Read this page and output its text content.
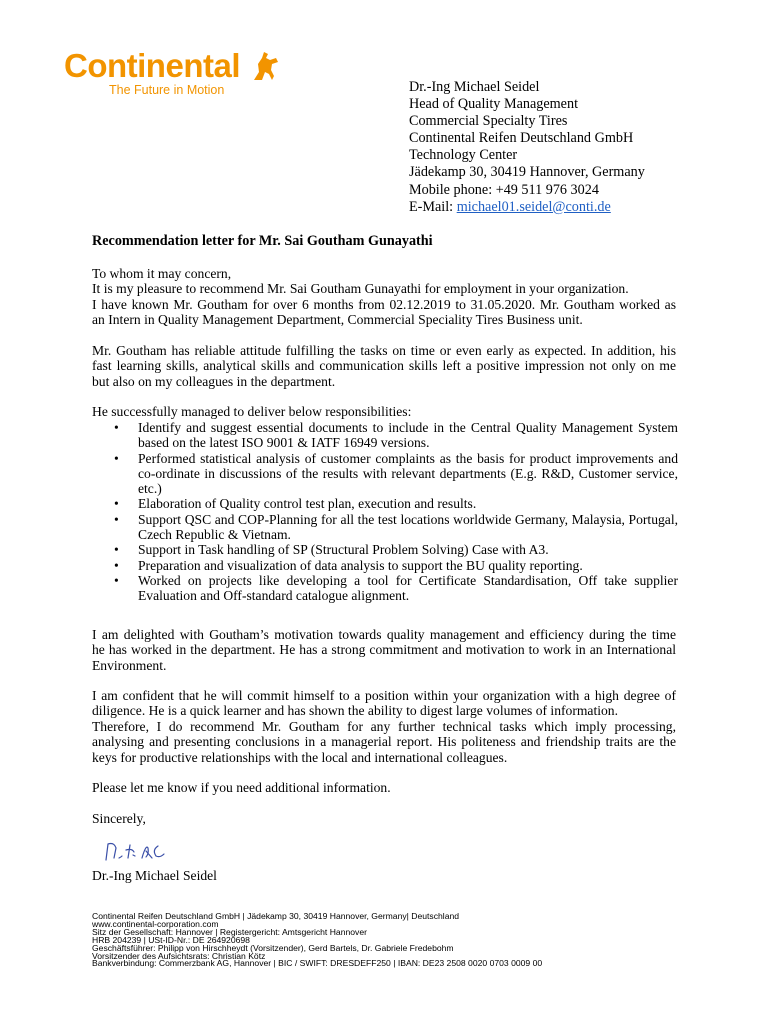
Continental
The Future in Motion	Dr.-Ing Michael Seidel
Head of Quality Management
Commercial Specialty Tires
Continental Reifen Deutschland GmbH
Technology Center
Jädekamp 30, 30419 Hannover, Germany
Mobile phone: +49 511 976 3024
E-Mail: michael01.seidel@conti.de
Recommendation letter for Mr. Sai Goutham Gunayathi
To whom it may concern,
It is my pleasure to recommend Mr. Sai Goutham Gunayathi for employment in your organization.
I have known Mr. Goutham for over 6 months from 02.12.2019 to 31.05.2020. Mr. Goutham worked as
an Intern in Quality Management Department, Commercial Speciality Tires Business unit.
Mr. Goutham has reliable attitude fulfilling the tasks on time or even early as expected. In addition, his
fast learning skills, analytical skills and communication skills left a positive impression not only on me
but also on my colleagues in the department.
He successfully managed to deliver below responsibilities:
• Identify and suggest essential documents to include in the Central Quality Management System based on the latest ISO 9001 & IATF 16949 versions.
• Performed statistical analysis of customer complaints as the basis for product improvements and co-ordinate in discussions of the results with relevant departments (E.g. R&D, Customer service, etc.)
• Elaboration of Quality control test plan, execution and results.
• Support QSC and COP-Planning for all the test locations worldwide Germany, Malaysia, Portugal, Czech Republic & Vietnam.
• Support in Task handling of SP (Structural Problem Solving) Case with A3.
• Preparation and visualization of data analysis to support the BU quality reporting.
• Worked on projects like developing a tool for Certificate Standardisation, Off take supplier Evaluation and Off-standard catalogue alignment.
I am delighted with Goutham’s motivation towards quality management and efficiency during the time
he has worked in the department. He has a strong commitment and motivation to work in an International
Environment.
I am confident that he will commit himself to a position within your organization with a high degree of
diligence. He is a quick learner and has shown the ability to digest large volumes of information.
Therefore, I do recommend Mr. Goutham for any further technical tasks which imply processing,
analysing and presenting conclusions in a managerial report. His politeness and friendship traits are the
keys for productive relationships with the local and international colleagues.
Please let me know if you need additional information.
Sincerely,
Dr.-Ing Michael Seidel
Continental Reifen Deutschland GmbH | Jädekamp 30, 30419 Hannover, Germany| Deutschland
www.continental-corporation.com
Sitz der Gesellschaft: Hannover | Registergericht: Amtsgericht Hannover
HRB 204239 | USt-ID-Nr.: DE 264920698
Geschäftsführer: Philipp von Hirschheydt (Vorsitzender), Gerd Bartels, Dr. Gabriele Fredebohm
Vorsitzender des Aufsichtsrats: Christian Kötz
Bankverbindung: Commerzbank AG, Hannover | BIC / SWIFT: DRESDEFF250 | IBAN: DE23 2508 0020 0703 0009 00
